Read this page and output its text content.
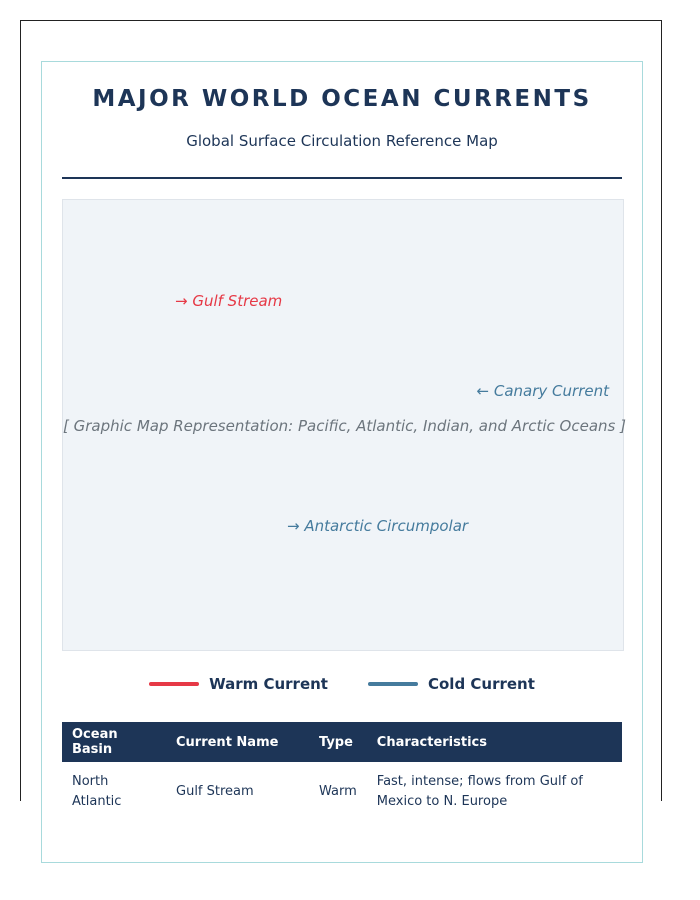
MAJOR WORLD OCEAN CURRENTS
Global Surface Circulation Reference Map
→ Gulf Stream
← Canary Current
[ Graphic Map Representation: Pacific, Atlantic, Indian, and Arctic Oceans ]
→ Antarctic Circumpolar
Warm Current	Cold Current
Ocean Basin	Current Name	Type	Characteristics
North Atlantic	Gulf Stream	Warm	Fast, intense; flows from Gulf of Mexico to N. Europe
